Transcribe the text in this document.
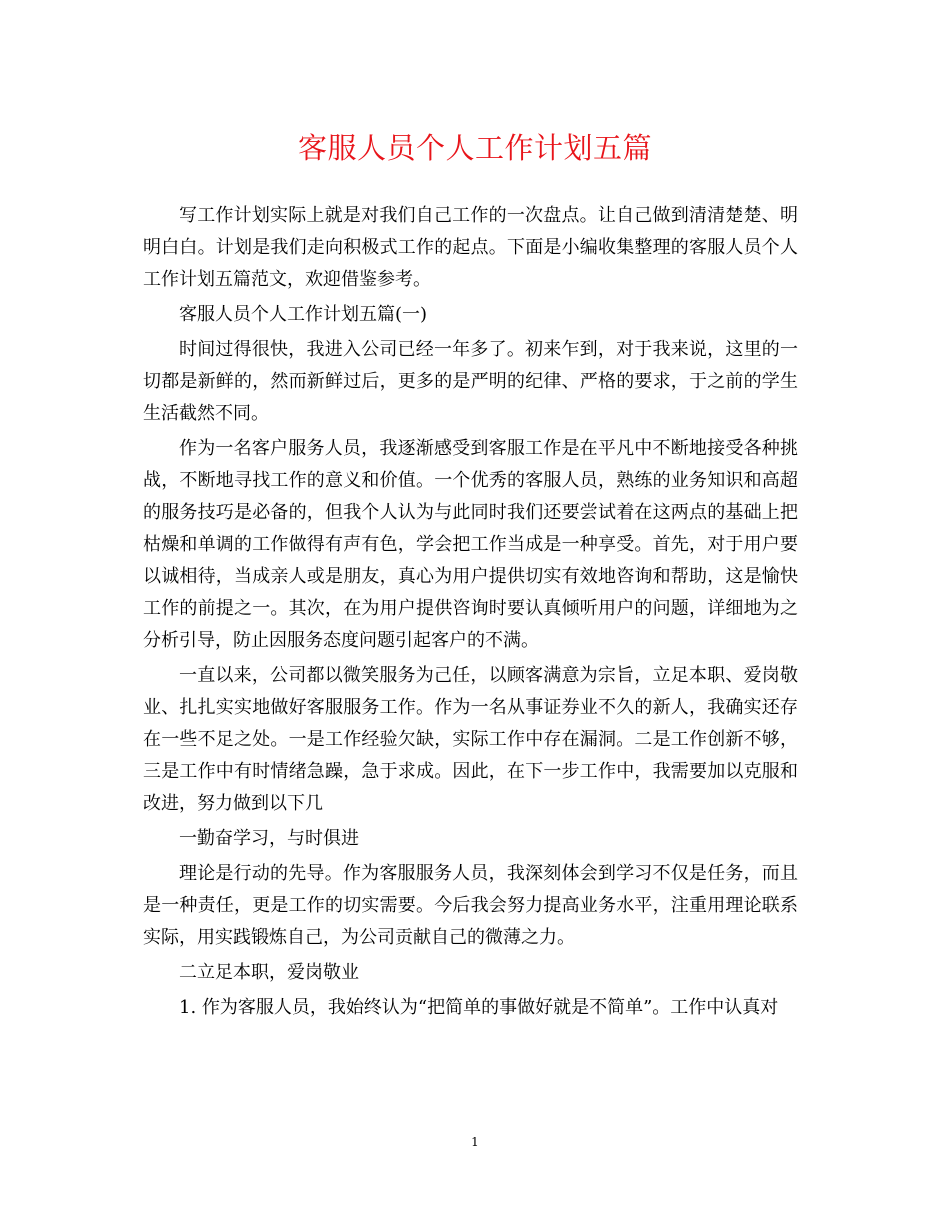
客服人员个人工作计划五篇

写工作计划实际上就是对我们自己工作的一次盘点。让自己做到清清楚楚、明明白白。计划是我们走向积极式工作的起点。下面是小编收集整理的客服人员个人工作计划五篇范文，欢迎借鉴参考。

客服人员个人工作计划五篇(一)

时间过得很快，我进入公司已经一年多了。初来乍到，对于我来说，这里的一切都是新鲜的，然而新鲜过后，更多的是严明的纪律、严格的要求，于之前的学生生活截然不同。

作为一名客户服务人员，我逐渐感受到客服工作是在平凡中不断地接受各种挑战，不断地寻找工作的意义和价值。一个优秀的客服人员，熟练的业务知识和高超的服务技巧是必备的，但我个人认为与此同时我们还要尝试着在这两点的基础上把枯燥和单调的工作做得有声有色，学会把工作当成是一种享受。首先，对于用户要以诚相待，当成亲人或是朋友，真心为用户提供切实有效地咨询和帮助，这是愉快工作的前提之一。其次，在为用户提供咨询时要认真倾听用户的问题，详细地为之分析引导，防止因服务态度问题引起客户的不满。

一直以来，公司都以微笑服务为己任，以顾客满意为宗旨，立足本职、爱岗敬业、扎扎实实地做好客服服务工作。作为一名从事证券业不久的新人，我确实还存在一些不足之处。一是工作经验欠缺，实际工作中存在漏洞。二是工作创新不够，三是工作中有时情绪急躁，急于求成。因此，在下一步工作中，我需要加以克服和改进，努力做到以下几

一勤奋学习，与时俱进

理论是行动的先导。作为客服服务人员，我深刻体会到学习不仅是任务，而且是一种责任，更是工作的切实需要。今后我会努力提高业务水平，注重用理论联系实际，用实践锻炼自己，为公司贡献自己的微薄之力。

二立足本职，爱岗敬业

1. 作为客服人员，我始终认为“把简单的事做好就是不简单”。工作中认真对

1
